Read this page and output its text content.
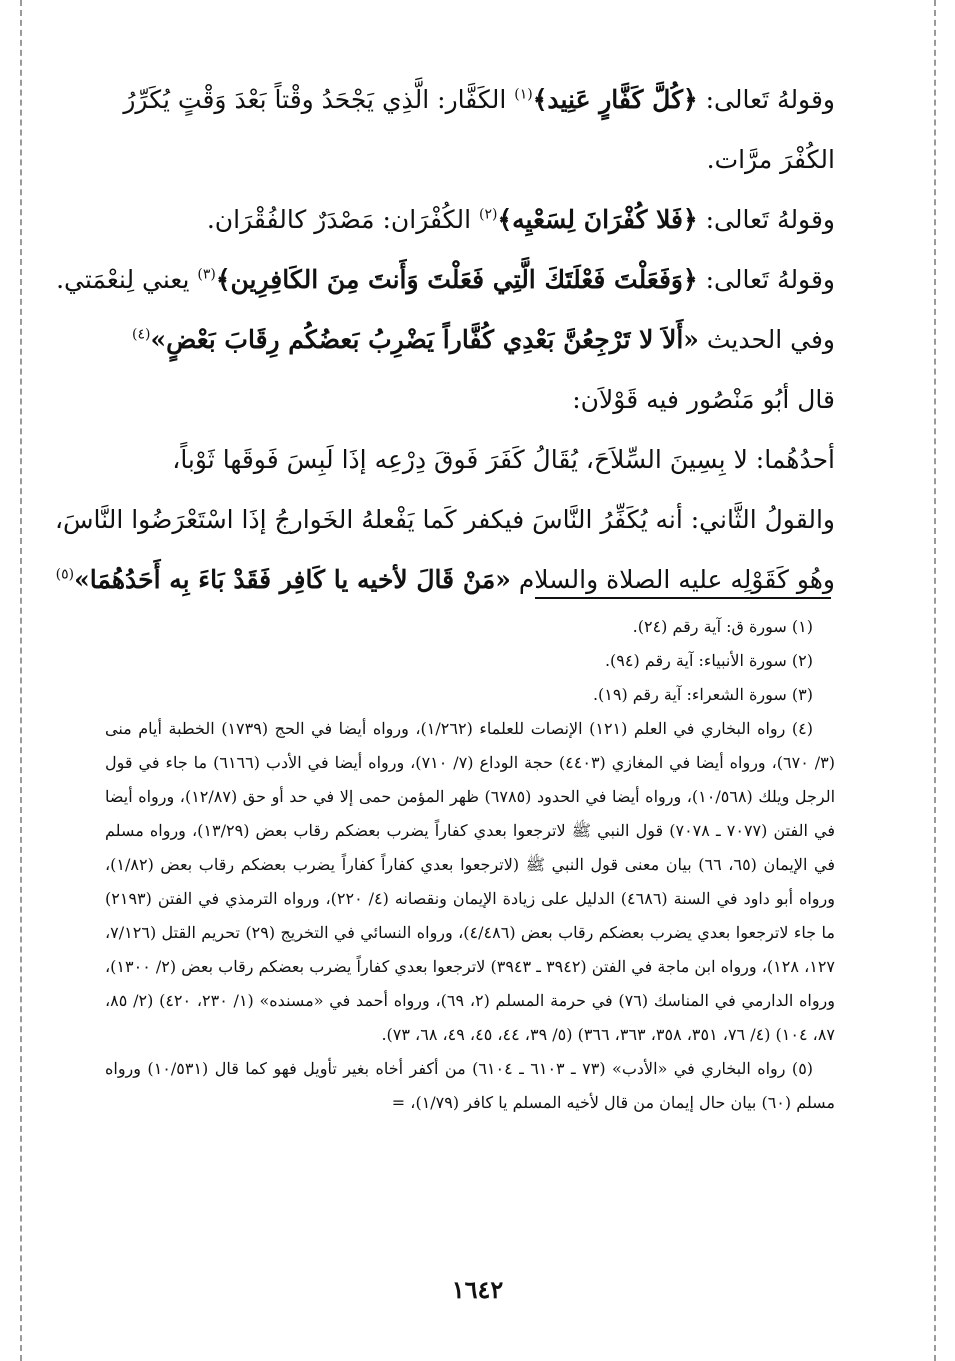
وقولهُ تَعالى: ﴿كُلَّ كَفَّارٍ عَنِيد﴾$^{(١)}$ الكَفَّار: الَّذِي يَجْحَدُ وقْتاً بَعْدَ وَقْتٍ يُكَرِّرُ

الكُفْرَ مرَّات.

وقولهُ تَعالى: ﴿فَلا كُفْرَانَ لِسَعْيِه﴾$^{(٢)}$ الكُفْرَان: مَصْدَرٌ كالفُقْرَان.

وقولهُ تَعالى: ﴿وَفَعَلْتَ فَعْلَتَكَ الَّتِي فَعَلْتَ وَأَنتَ مِنَ الكَافِرِين﴾$^{(٣)}$ يعني لِنعْمَتي.

وفي الحديث «أَلاَ لا تَرْجِعُنَّ بَعْدِي كُفَّاراً يَضْرِبُ بَعضُكُم رِقَابَ بَعْضٍ»$^{(٤)}$

قال أبُو مَنْصُور فيه قَوْلاَن:

أحدُهُما: لا بِسِينَ السِّلاَحَ، يُقَالُ كَفَرَ فَوقَ دِرْعِه إذَا لَبِسَ فَوقَها ثَوْباً،

والقولُ الثَّاني: أنه يُكَفِّرُ النَّاسَ فيكفر كَما يَفْعلهُ الخَوارجُ إذَا اسْتَعْرَضُوا النَّاسَ،

وهُو كَقَوْلِه عليه الصلاة والسلام «مَنْ قَالَ لأخيه يا كَافِر فَقَدْ بَاءَ بِه أَحَدُهُمَا»$^{(٥)}$

(١) سورة ق: آية رقم (٢٤).

(٢) سورة الأنبياء: آية رقم (٩٤).

(٣) سورة الشعراء: آية رقم (١٩).

(٤) رواه البخاري في العلم (١٢١) الإنصات للعلماء (١/٢٦٢)، ورواه أيضا في الحج (١٧٣٩) الخطبة أيام منى (٣/ ٦٧٠)، ورواه أيضا في المغازي (٤٤٠٣) حجة الوداع (٧/ ٧١٠)، ورواه أيضا في الأدب (٦١٦٦) ما جاء في قول الرجل ويلك (١٠/٥٦٨)، ورواه أيضا في الحدود (٦٧٨٥) ظهر المؤمن حمى إلا في حد أو حق (١٢/٨٧)، ورواه أيضا في الفتن (٧٠٧٧ ـ ٧٠٧٨) قول النبي ﷺ لاترجعوا بعدي كفاراً يضرب بعضكم رقاب بعض (١٣/٢٩)، ورواه مسلم في الإيمان (٦٥، ٦٦) بيان معنى قول النبي ﷺ (لاترجعوا بعدي كفاراً كفاراً يضرب بعضكم رقاب بعض (١/٨٢)، ورواه أبو داود في السنة (٤٦٨٦) الدليل على زيادة الإيمان ونقصانه (٤/ ٢٢٠)، ورواه الترمذي في الفتن (٢١٩٣) ما جاء لاترجعوا بعدي يضرب بعضكم رقاب بعض (٤/٤٨٦)، ورواه النسائي في التخريج (٢٩) تحريم القتل (٧/١٢٦، ١٢٧، ١٢٨)، ورواه ابن ماجة في الفتن (٣٩٤٢ ـ ٣٩٤٣) لاترجعوا بعدي كفاراً يضرب بعضكم رقاب بعض (٢/ ١٣٠٠)، ورواه الدارمي في المناسك (٧٦) في حرمة المسلم (٢، ٦٩)، ورواه أحمد في «مسنده» (١/ ٢٣٠، ٤٢٠) (٢/ ٨٥، ٨٧، ١٠٤) (٤/ ٧٦، ٣٥١، ٣٥٨، ٣٦٣، ٣٦٦) (٥/ ٣٩، ٤٤، ٤٥، ٤٩، ٦٨، ٧٣).

(٥) رواه البخاري في «الأدب» (٧٣ ـ ٦١٠٣ ـ ٦١٠٤) من أكفر أخاه بغير تأويل فهو كما قال (١٠/٥٣١) ورواه مسلم (٦٠) بيان حال إيمان من قال لأخيه المسلم يا كافر (١/٧٩)، =

١٦٤٢
